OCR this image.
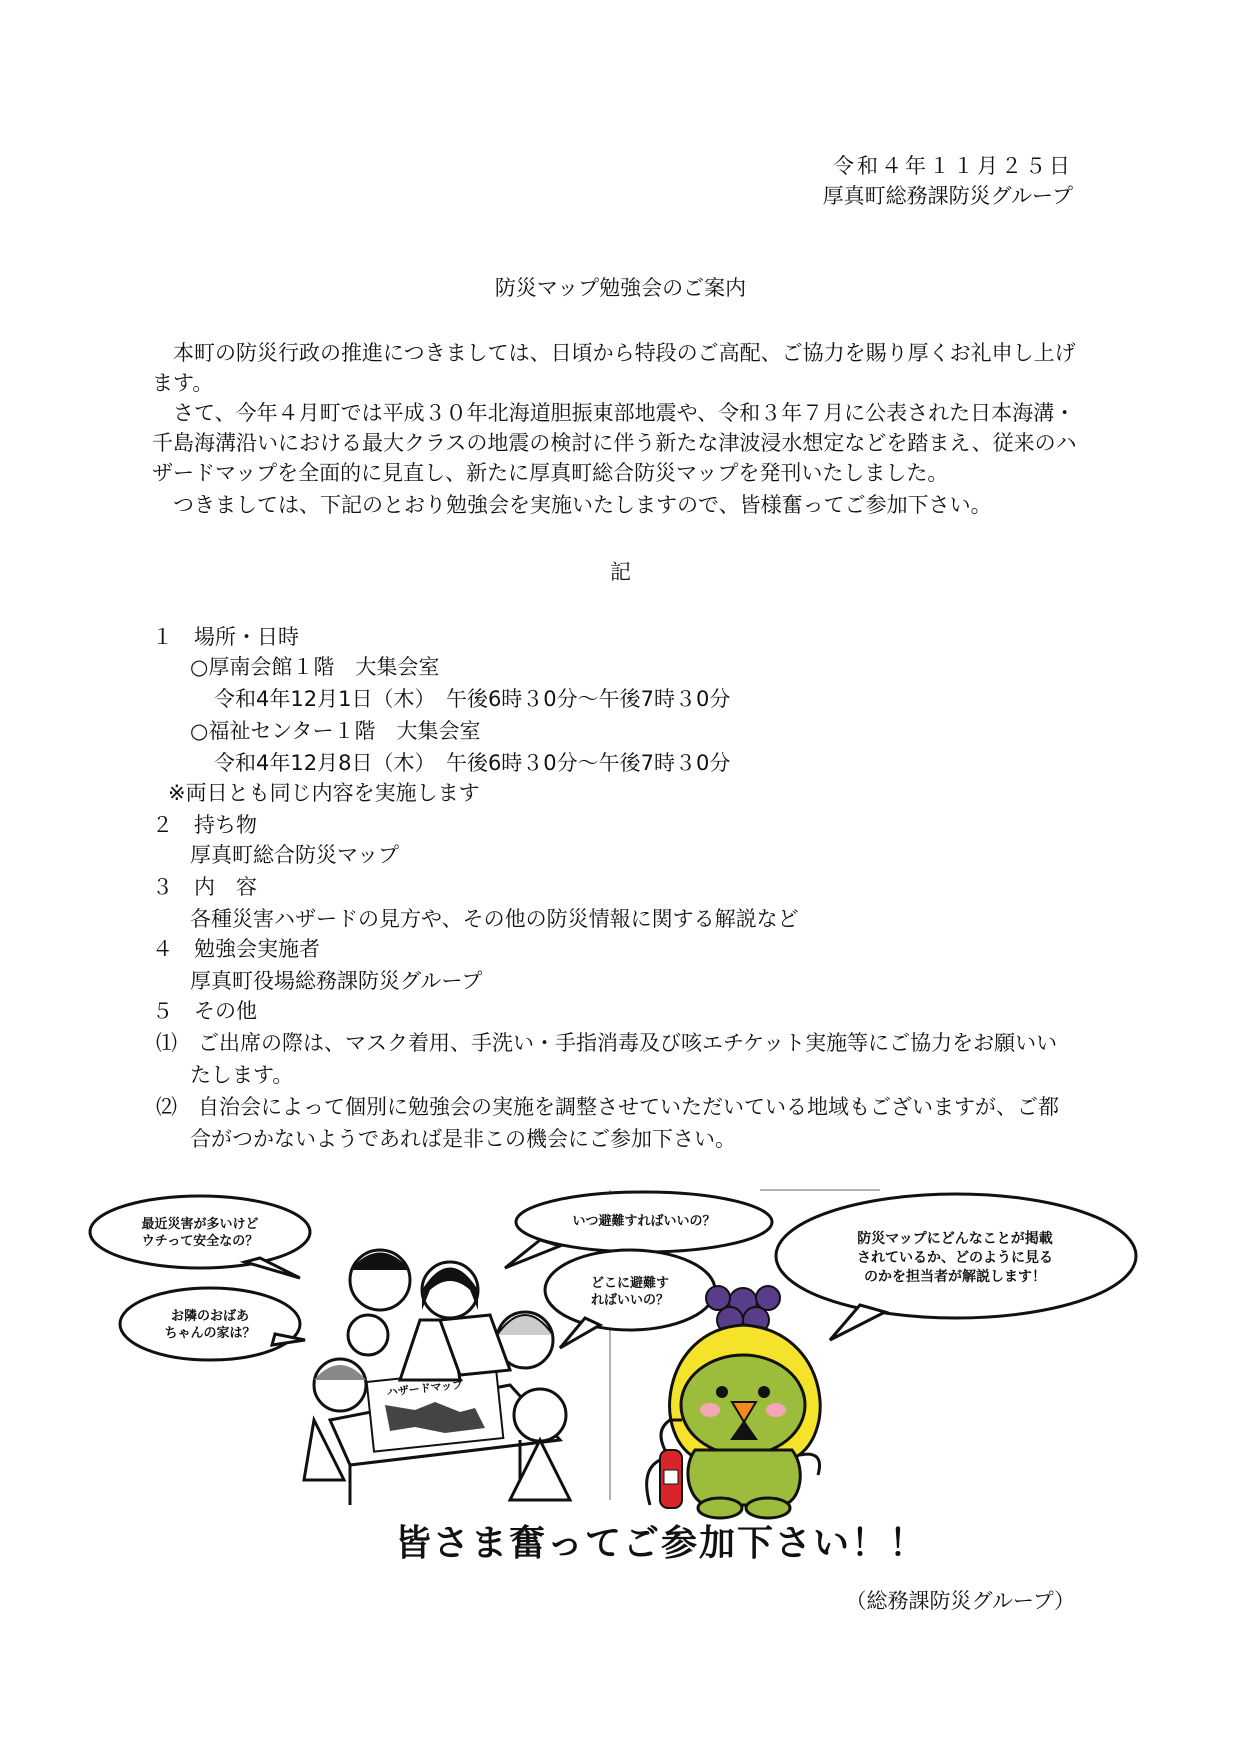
令和４年１１月２５日
厚真町総務課防災グループ
防災マップ勉強会のご案内
　本町の防災行政の推進につきましては、日頃から特段のご高配、ご協力を賜り厚くお礼申し上げ
ます。
　さて、今年４月町では平成３０年北海道胆振東部地震や、令和３年７月に公表された日本海溝・
千島海溝沿いにおける最大クラスの地震の検討に伴う新たな津波浸水想定などを踏まえ、従来のハ
ザードマップを全面的に見直し、新たに厚真町総合防災マップを発刊いたしました。
　つきましては、下記のとおり勉強会を実施いたしますので、皆様奮ってご参加下さい。
記
１　場所・日時
○厚南会館１階　大集会室
令和4年12月1日（木）　午後6時３0分～午後7時３0分
○福祉センター１階　大集会室
令和4年12月8日（木）　午後6時３0分～午後7時３0分
※両日とも同じ内容を実施します
２　持ち物
厚真町総合防災マップ
３　内　容
各種災害ハザードの見方や、その他の防災情報に関する解説など
４　勉強会実施者
厚真町役場総務課防災グループ
５　その他
⑴　ご出席の際は、マスク着用、手洗い・手指消毒及び咳エチケット実施等にご協力をお願いい
たします。
⑵　自治会によって個別に勉強会の実施を調整させていただいている地域もございますが、ご都
合がつかないようであれば是非この機会にご参加下さい。
最近災害が多いけど
ウチって安全なの？
お隣のおばあ
ちゃんの家は？
いつ避難すればいいの？
どこに避難す
ればいいの？
防災マップにどんなことが掲載
されているか、どのように見る
のかを担当者が解説します！
ハザードマップ
皆さま奮ってご参加下さい！！
（総務課防災グループ）
